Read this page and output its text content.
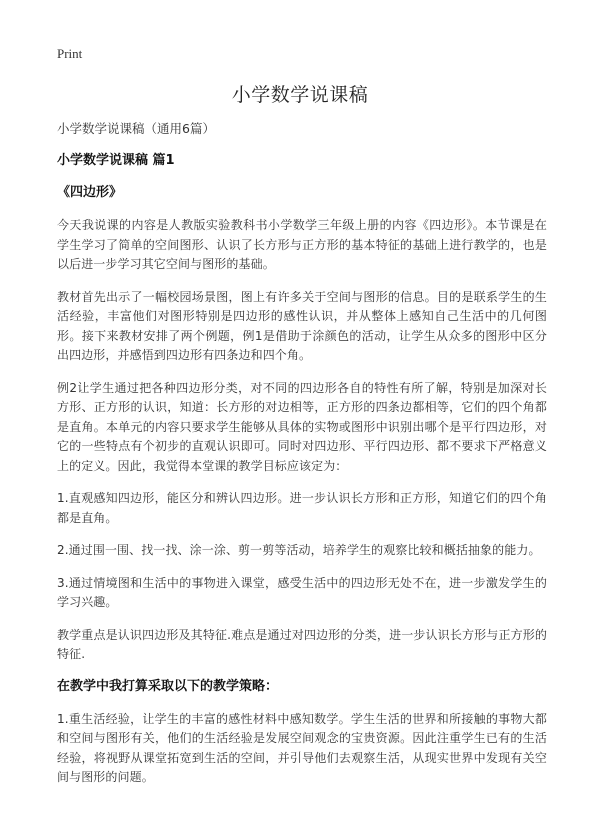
Print
小学数学说课稿

小学数学说课稿（通用6篇）

小学数学说课稿 篇1

《四边形》

今天我说课的内容是人教版实验教科书小学数学三年级上册的内容《四边形》。本节课是在学生学习了简单的空间图形、认识了长方形与正方形的基本特征的基础上进行教学的，也是以后进一步学习其它空间与图形的基础。

教材首先出示了一幅校园场景图，图上有许多关于空间与图形的信息。目的是联系学生的生活经验，丰富他们对图形特别是四边形的感性认识，并从整体上感知自己生活中的几何图形。接下来教材安排了两个例题，例1是借助于涂颜色的活动，让学生从众多的图形中区分出四边形，并感悟到四边形有四条边和四个角。

例2让学生通过把各种四边形分类，对不同的四边形各自的特性有所了解，特别是加深对长方形、正方形的认识，知道：长方形的对边相等，正方形的四条边都相等，它们的四个角都是直角。本单元的内容只要求学生能够从具体的实物或图形中识别出哪个是平行四边形，对它的一些特点有个初步的直观认识即可。同时对四边形、平行四边形、都不要求下严格意义上的定义。因此，我觉得本堂课的教学目标应该定为：

1.直观感知四边形，能区分和辨认四边形。进一步认识长方形和正方形，知道它们的四个角都是直角。

2.通过围一围、找一找、涂一涂、剪一剪等活动，培养学生的观察比较和概括抽象的能力。

3.通过情境图和生活中的事物进入课堂，感受生活中的四边形无处不在，进一步激发学生的学习兴趣。

教学重点是认识四边形及其特征.难点是通过对四边形的分类，进一步认识长方形与正方形的特征.

在教学中我打算采取以下的教学策略：

1.重生活经验，让学生的丰富的感性材料中感知数学。学生生活的世界和所接触的事物大都和空间与图形有关，他们的生活经验是发展空间观念的宝贵资源。因此注重学生已有的生活经验，将视野从课堂拓宽到生活的空间，并引导他们去观察生活，从现实世界中发现有关空间与图形的问题。
